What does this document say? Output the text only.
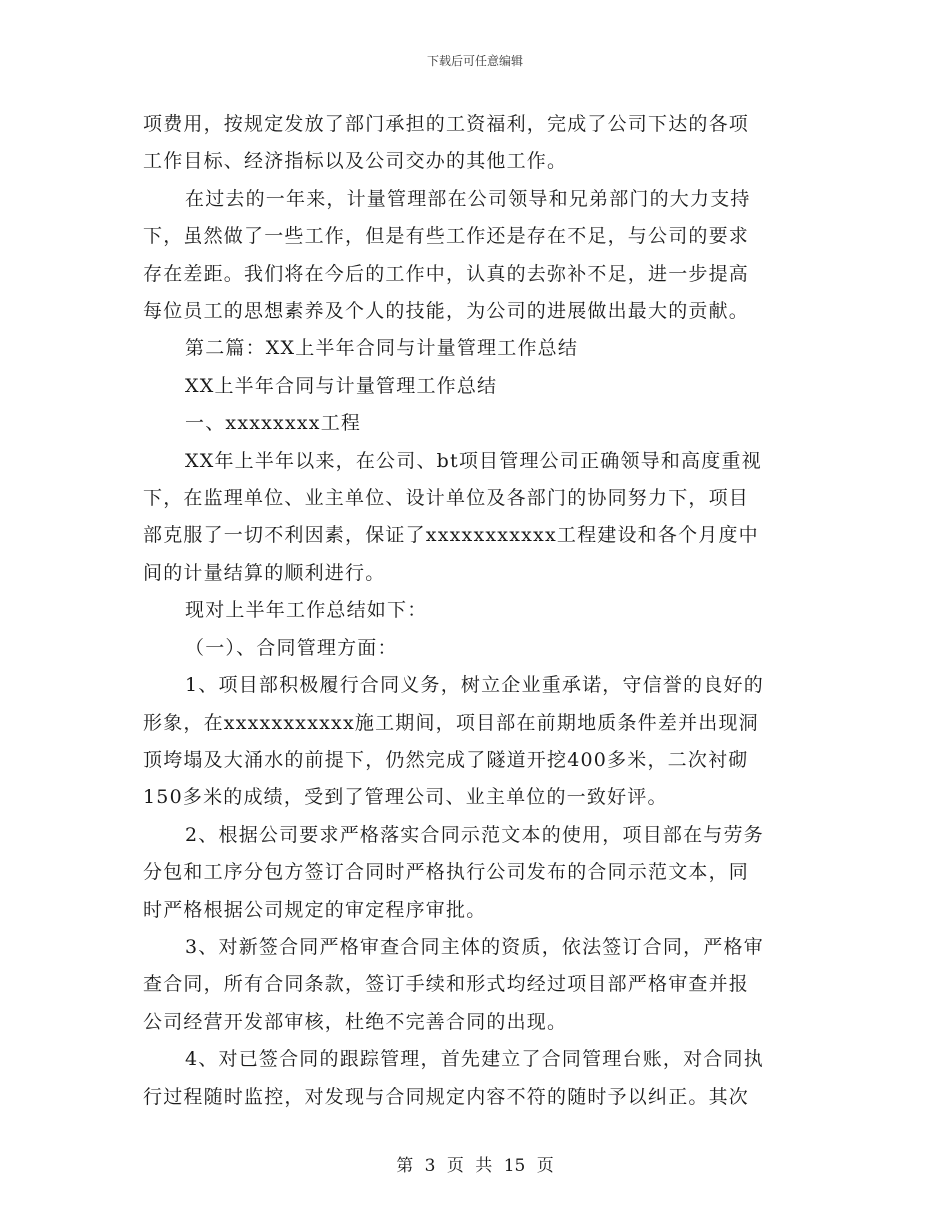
下载后可任意编辑

项费用，按规定发放了部门承担的工资福利，完成了公司下达的各项

工作目标、经济指标以及公司交办的其他工作。

在过去的一年来，计量管理部在公司领导和兄弟部门的大力支持

下，虽然做了一些工作，但是有些工作还是存在不足，与公司的要求

存在差距。我们将在今后的工作中，认真的去弥补不足，进一步提高

每位员工的思想素养及个人的技能，为公司的进展做出最大的贡献。

第二篇：XX上半年合同与计量管理工作总结

XX上半年合同与计量管理工作总结

一、xxxxxxxx工程

XX年上半年以来，在公司、bt项目管理公司正确领导和高度重视

下，在监理单位、业主单位、设计单位及各部门的协同努力下，项目

部克服了一切不利因素，保证了xxxxxxxxxxx工程建设和各个月度中

间的计量结算的顺利进行。

现对上半年工作总结如下：

（一）、合同管理方面：

1、项目部积极履行合同义务，树立企业重承诺，守信誉的良好的

形象，在xxxxxxxxxxx施工期间，项目部在前期地质条件差并出现洞

顶垮塌及大涌水的前提下，仍然完成了隧道开挖400多米，二次衬砌

150多米的成绩，受到了管理公司、业主单位的一致好评。

2、根据公司要求严格落实合同示范文本的使用，项目部在与劳务

分包和工序分包方签订合同时严格执行公司发布的合同示范文本，同

时严格根据公司规定的审定程序审批。

3、对新签合同严格审查合同主体的资质，依法签订合同，严格审

查合同，所有合同条款，签订手续和形式均经过项目部严格审查并报

公司经营开发部审核，杜绝不完善合同的出现。

4、对已签合同的跟踪管理，首先建立了合同管理台账，对合同执

行过程随时监控，对发现与合同规定内容不符的随时予以纠正。其次

第 3 页 共 15 页
